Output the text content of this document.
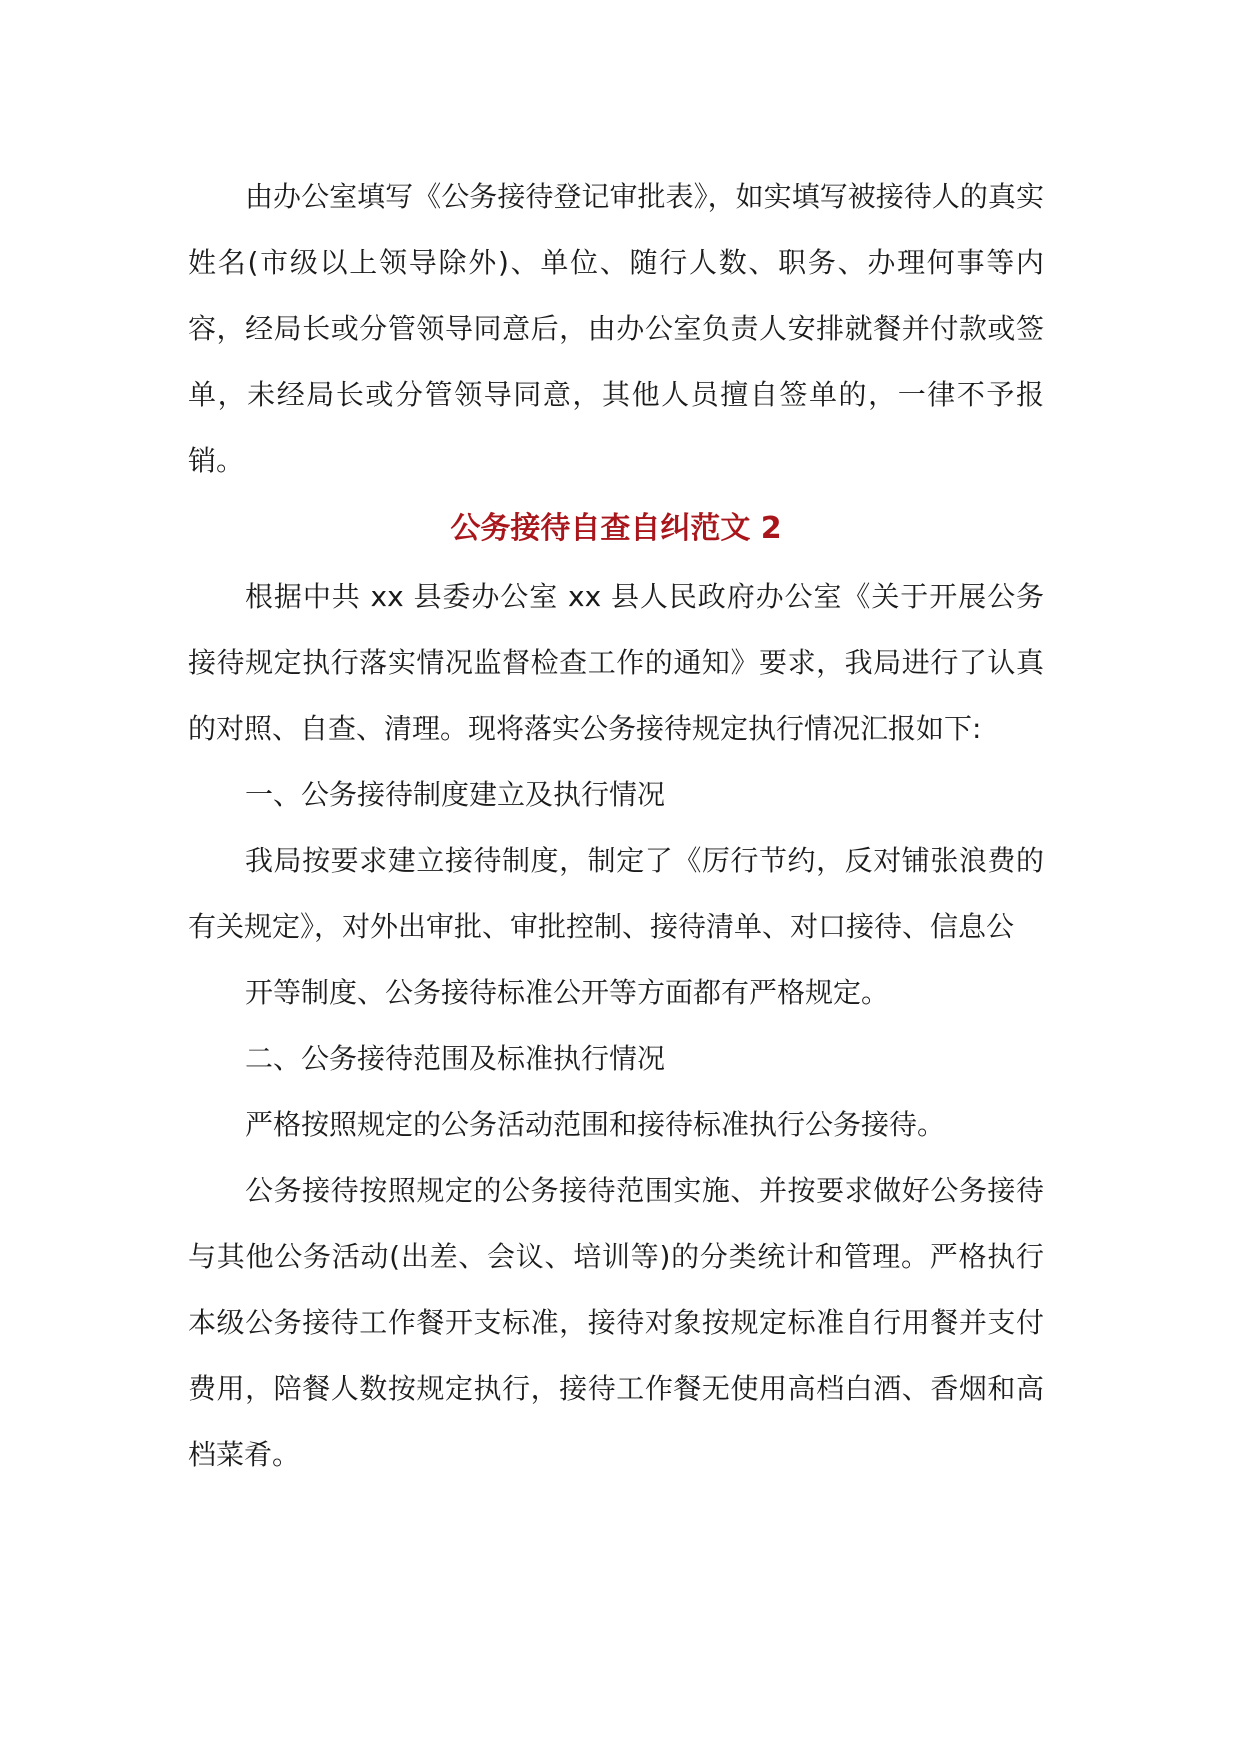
由办公室填写《公务接待登记审批表》，如实填写被接待人的真实姓名(市级以上领导除外)、单位、随行人数、职务、办理何事等内容，经局长或分管领导同意后，由办公室负责人安排就餐并付款或签单，未经局长或分管领导同意，其他人员擅自签单的，一律不予报销。

公务接待自查自纠范文 2

根据中共 xx 县委办公室 xx 县人民政府办公室《关于开展公务接待规定执行落实情况监督检查工作的通知》要求，我局进行了认真的对照、自查、清理。现将落实公务接待规定执行情况汇报如下:

一、公务接待制度建立及执行情况

我局按要求建立接待制度，制定了《厉行节约，反对铺张浪费的有关规定》，对外出审批、审批控制、接待清单、对口接待、信息公

开等制度、公务接待标准公开等方面都有严格规定。

二、公务接待范围及标准执行情况

严格按照规定的公务活动范围和接待标准执行公务接待。

公务接待按照规定的公务接待范围实施、并按要求做好公务接待与其他公务活动(出差、会议、培训等)的分类统计和管理。严格执行本级公务接待工作餐开支标准，接待对象按规定标准自行用餐并支付费用，陪餐人数按规定执行，接待工作餐无使用高档白酒、香烟和高档菜肴。
